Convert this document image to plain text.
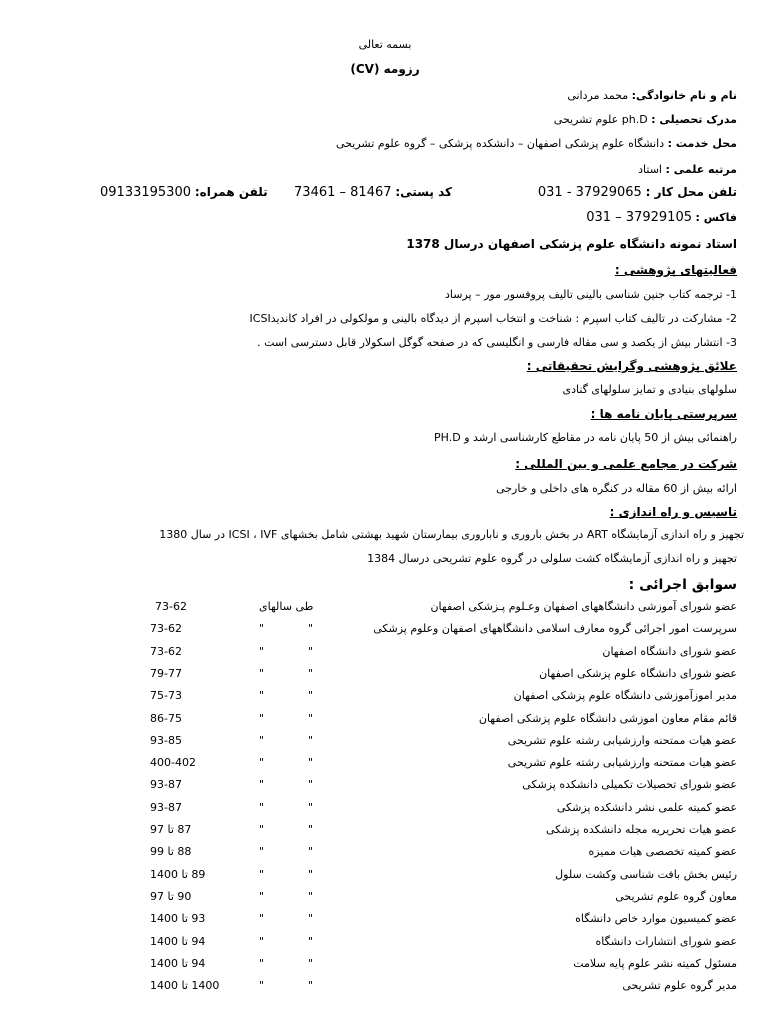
بسمه تعالی
رزومه (CV)
نام و نام خانوادگی: محمد مردانی
مدرک تحصیلی : ph.D علوم تشریحی
محل خدمت : دانشگاه علوم پزشکی اصفهان – دانشکده پزشکی – گروه علوم تشریحی
مرتبه علمی : استاد
تلفن محل کار : 031 - 37929065
کد پستی: 73461 – 81467
تلفن همراه: 09133195300
فاکس : 031 – 37929105
استاد نمونه دانشگاه علوم پزشکی اصفهان درسال 1378
فعالیتهای پژوهشی :
1- ترجمه کتاب جنین شناسی بالینی تالیف پروفسور مور – پرساد
2- مشارکت در تالیف کتاب اسپرم : شناخت و انتخاب اسپرم از دیدگاه بالینی و مولکولی در افراد کاندیدICSI
3- انتشار بیش از یکصد و سی مقاله فارسی و انگلیسی که در صفحه گوگل اسکولار قابل دسترسی است .
علائق پژوهشی وگرایش تحقیقاتی :
سلولهای بنیادی و تمایز سلولهای گنادی
سرپرستی پایان نامه ها :
راهنمائی بیش از 50 پایان نامه در مقاطع کارشناسی ارشد و PH.D
شرکت در مجامع علمی و بین المللی :
ارائه بیش از 60 مقاله در کنگره های داخلی و خارجی
تاسیس و راه اندازی :
تجهیز و راه اندازی آزمایشگاه ART در بخش باروری و ناباروری بیمارستان شهید بهشتی شامل بخشهای ICSI ، IVF در سال 1380
تجهیز و راه اندازی آزمایشگاه کشت سلولی در گروه علوم تشریحی درسال 1384
سوابق اجرائی :
عضو شورای آموزشی دانشگاههای اصفهان وعـلوم پـزشکی اصفهان
طی سالهای
73-62
سرپرست امور اجرائی گروه معارف اسلامی دانشگاههای اصفهان وعلوم پزشکی
"
"
73-62
عضو شورای دانشگاه اصفهان
"
"
73-62
عضو شورای دانشگاه علوم پزشکی اصفهان
"
"
79-77
مدیر اموزآموزشی دانشگاه علوم پزشکی اصفهان
"
"
75-73
قائم مقام معاون اموزشی دانشگاه علوم پزشکی اصفهان
"
"
86-75
عضو هیات ممتحنه وارزشیابی رشته علوم تشریحی
"
"
93-85
عضو هیات ممتحنه وارزشیابی رشته علوم تشریحی
"
"
400-402
عضو شورای تحصیلات تکمیلی دانشکده پزشکی
"
"
93-87
عضو کمیته علمی نشر دانشکده پزشکی
"
"
93-87
عضو هیات تحریریه مجله دانشکده پزشکی
"
"
87 تا 97
عضو کمیته تخصصی هیات ممیزه
"
"
88 تا 99
رئیس بخش بافت شناسی وکشت سلول
"
"
89 تا 1400
معاون گروه علوم تشریحی
"
"
90 تا 97
عضو کمیسیون موارد خاص دانشگاه
"
"
93 تا 1400
عضو شورای انتشارات دانشگاه
"
"
94 تا 1400
مسئول کمیته نشر علوم پایه سلامت
"
"
94 تا 1400
مدیر گروه علوم تشریحی
"
"
1400 تا 1400
